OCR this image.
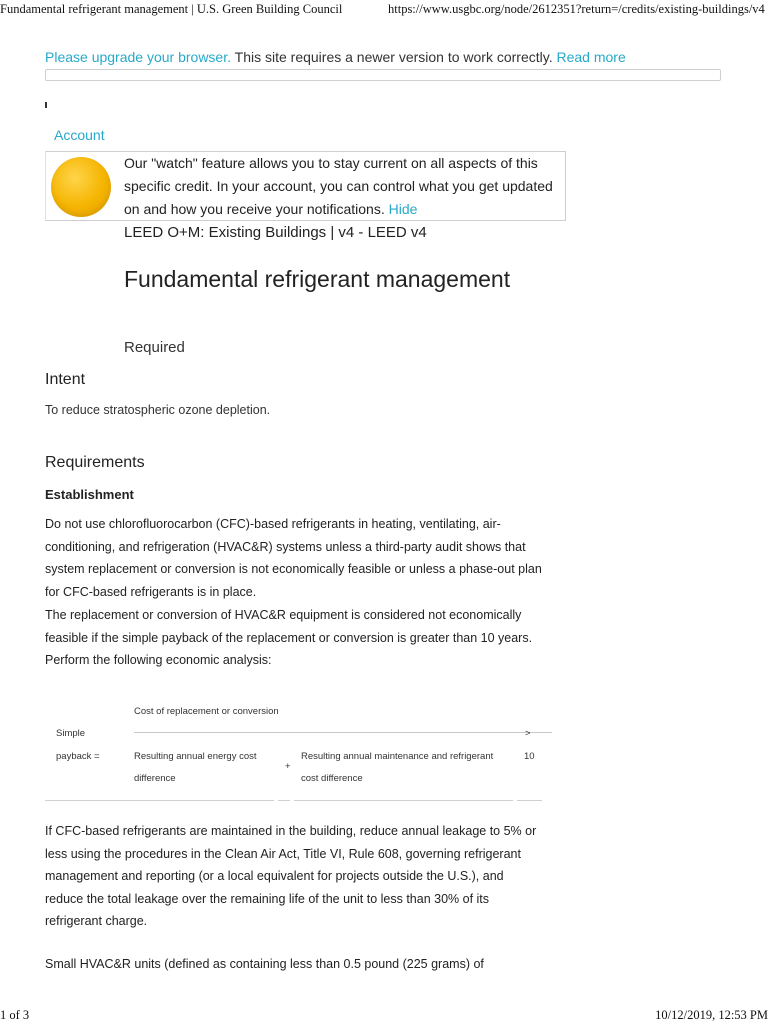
Fundamental refrigerant management | U.S. Green Building Council	https://www.usgbc.org/node/2612351?return=/credits/existing-buildings/v4
Please upgrade your browser. This site requires a newer version to work correctly. Read more
Account
Our "watch" feature allows you to stay current on all aspects of this specific credit. In your account, you can control what you get updated on and how you receive your notifications. Hide
LEED O+M: Existing Buildings | v4 - LEED v4
Fundamental refrigerant management
Required
Intent
To reduce stratospheric ozone depletion.
Requirements
Establishment

Do not use chlorofluorocarbon (CFC)-based refrigerants in heating, ventilating, air-conditioning, and refrigeration (HVAC&R) systems unless a third-party audit shows that system replacement or conversion is not economically feasible or unless a phase-out plan for CFC-based refrigerants is in place.

The replacement or conversion of HVAC&R equipment is considered not economically feasible if the simple payback of the replacement or conversion is greater than 10 years. Perform the following economic analysis:

Cost of replacement or conversion
Simple
payback =	Resulting annual energy cost
difference
+
Resulting annual maintenance and refrigerant
cost difference
>
10

If CFC-based refrigerants are maintained in the building, reduce annual leakage to 5% or less using the procedures in the Clean Air Act, Title VI, Rule 608, governing refrigerant management and reporting (or a local equivalent for projects outside the U.S.), and reduce the total leakage over the remaining life of the unit to less than 30% of its refrigerant charge.

Small HVAC&R units (defined as containing less than 0.5 pound (225 grams) of

1 of 3	10/12/2019, 12:53 PM
